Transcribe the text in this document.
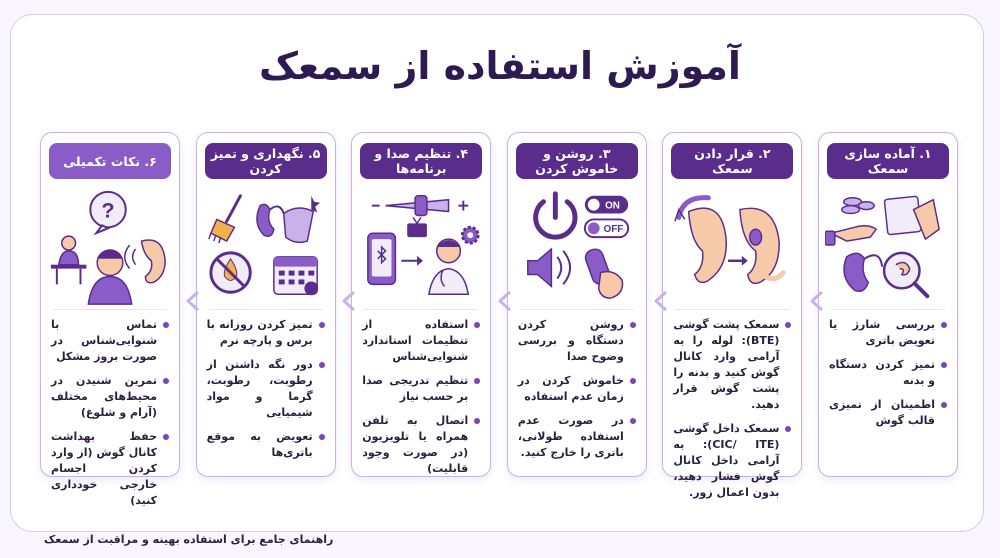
آموزش استفاده از سمعک
۱. آماده سازی سمعک
بررسی شارژ یا تعویض باتری
تمیز کردن دستگاه و بدنه
اطمینان از تمیزی قالب گوش
۲. قرار دادن سمعک
سمعک پشت گوشی (BTE): لوله را به آرامی وارد کانال گوش کنید و بدنه را پشت گوش قرار دهید.
سمعک داخل گوشی (CIC/ ITE): به آرامی داخل کانال گوش فشار دهید، بدون اعمال زور.
۳. روشن و خاموش کردن
ON
OFF
روشن کردن دستگاه و بررسی وضوح صدا
خاموش کردن در زمان عدم استفاده
در صورت عدم استفاده طولانی، باتری را خارج کنید.
۴. تنظیم صدا و برنامه‌ها
استفاده از تنظیمات استاندارد شنوایی‌شناس
تنظیم تدریجی صدا بر حسب نیاز
اتصال به تلفن همراه یا تلویزیون (در صورت وجود قابلیت)
۵. نگهداری و تمیز کردن
تمیز کردن روزانه با برس و پارچه نرم
دور نگه داشتن از رطوبت، رطوبت، گرما و مواد شیمیایی
تعویض به موقع باتری‌ها
۶. نکات تکمیلی
?
تماس با شنوایی‌شناس در صورت بروز مشکل
تمرین شنیدن در محیط‌های مختلف (آرام و شلوغ)
حفظ بهداشت کانال گوش (از وارد کردن اجسام خارجی خودداری کنید)
راهنمای جامع برای استفاده بهینه و مراقبت از سمعک
